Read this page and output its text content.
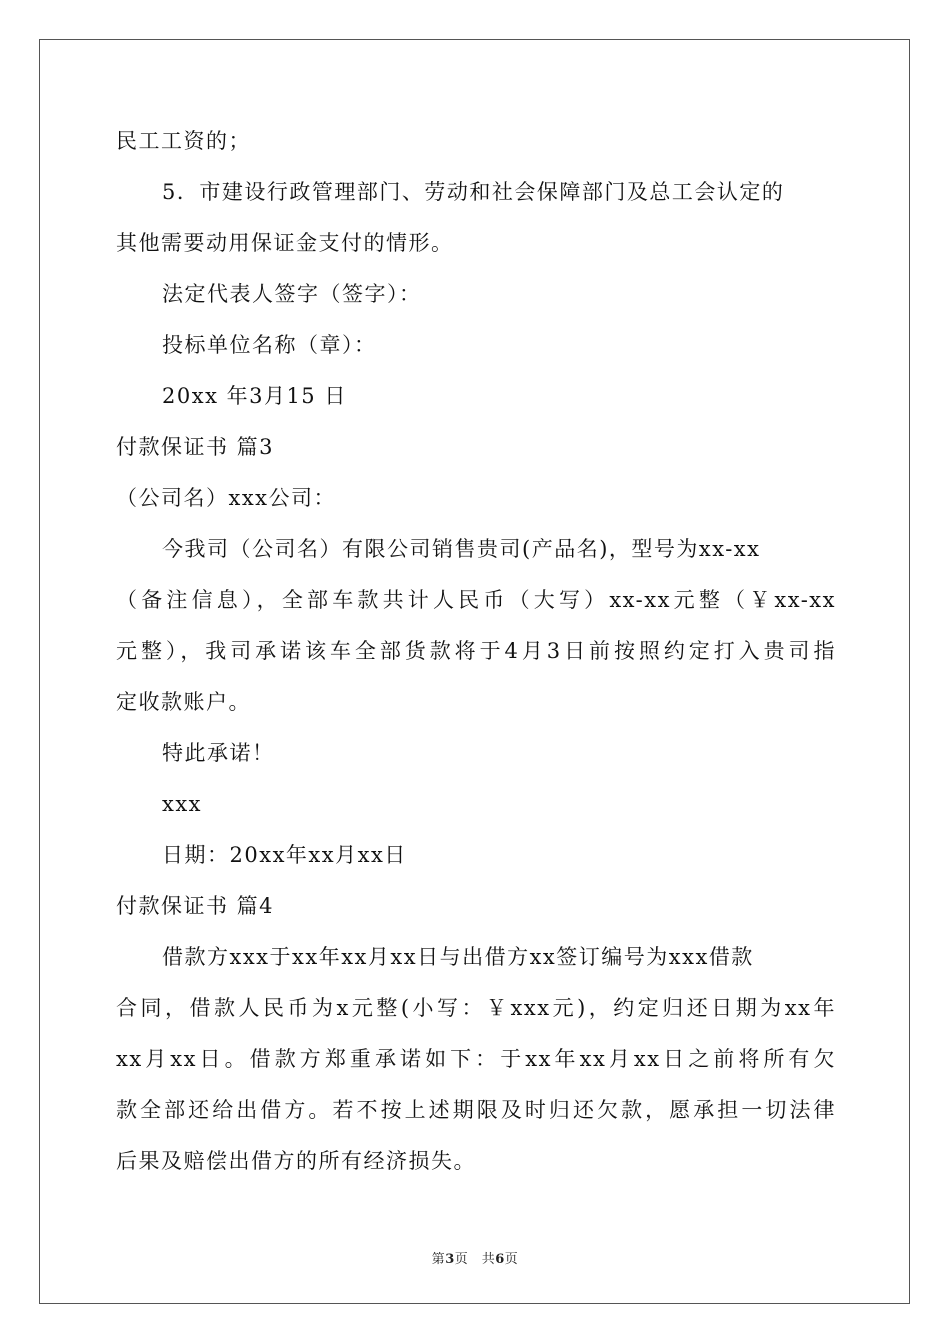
民工工资的；
5．市建设行政管理部门、劳动和社会保障部门及总工会认定的
其他需要动用保证金支付的情形。
法定代表人签字（签字）：
投标单位名称（章）：
20xx 年3月15 日
付款保证书 篇3
（公司名）xxx公司：
今我司（公司名）有限公司销售贵司(产品名)，型号为xx-xx
（备注信息），全部车款共计人民币（大写）xx-xx元整（￥xx-xx
元整），我司承诺该车全部货款将于4月3日前按照约定打入贵司指
定收款账户。
特此承诺！
xxx
日期：20xx年xx月xx日
付款保证书 篇4
借款方xxx于xx年xx月xx日与出借方xx签订编号为xxx借款
合同，借款人民币为x元整(小写：￥xxx元)，约定归还日期为xx年
xx月xx日。借款方郑重承诺如下：于xx年xx月xx日之前将所有欠
款全部还给出借方。若不按上述期限及时归还欠款，愿承担一切法律
后果及赔偿出借方的所有经济损失。
第3页　共6页
